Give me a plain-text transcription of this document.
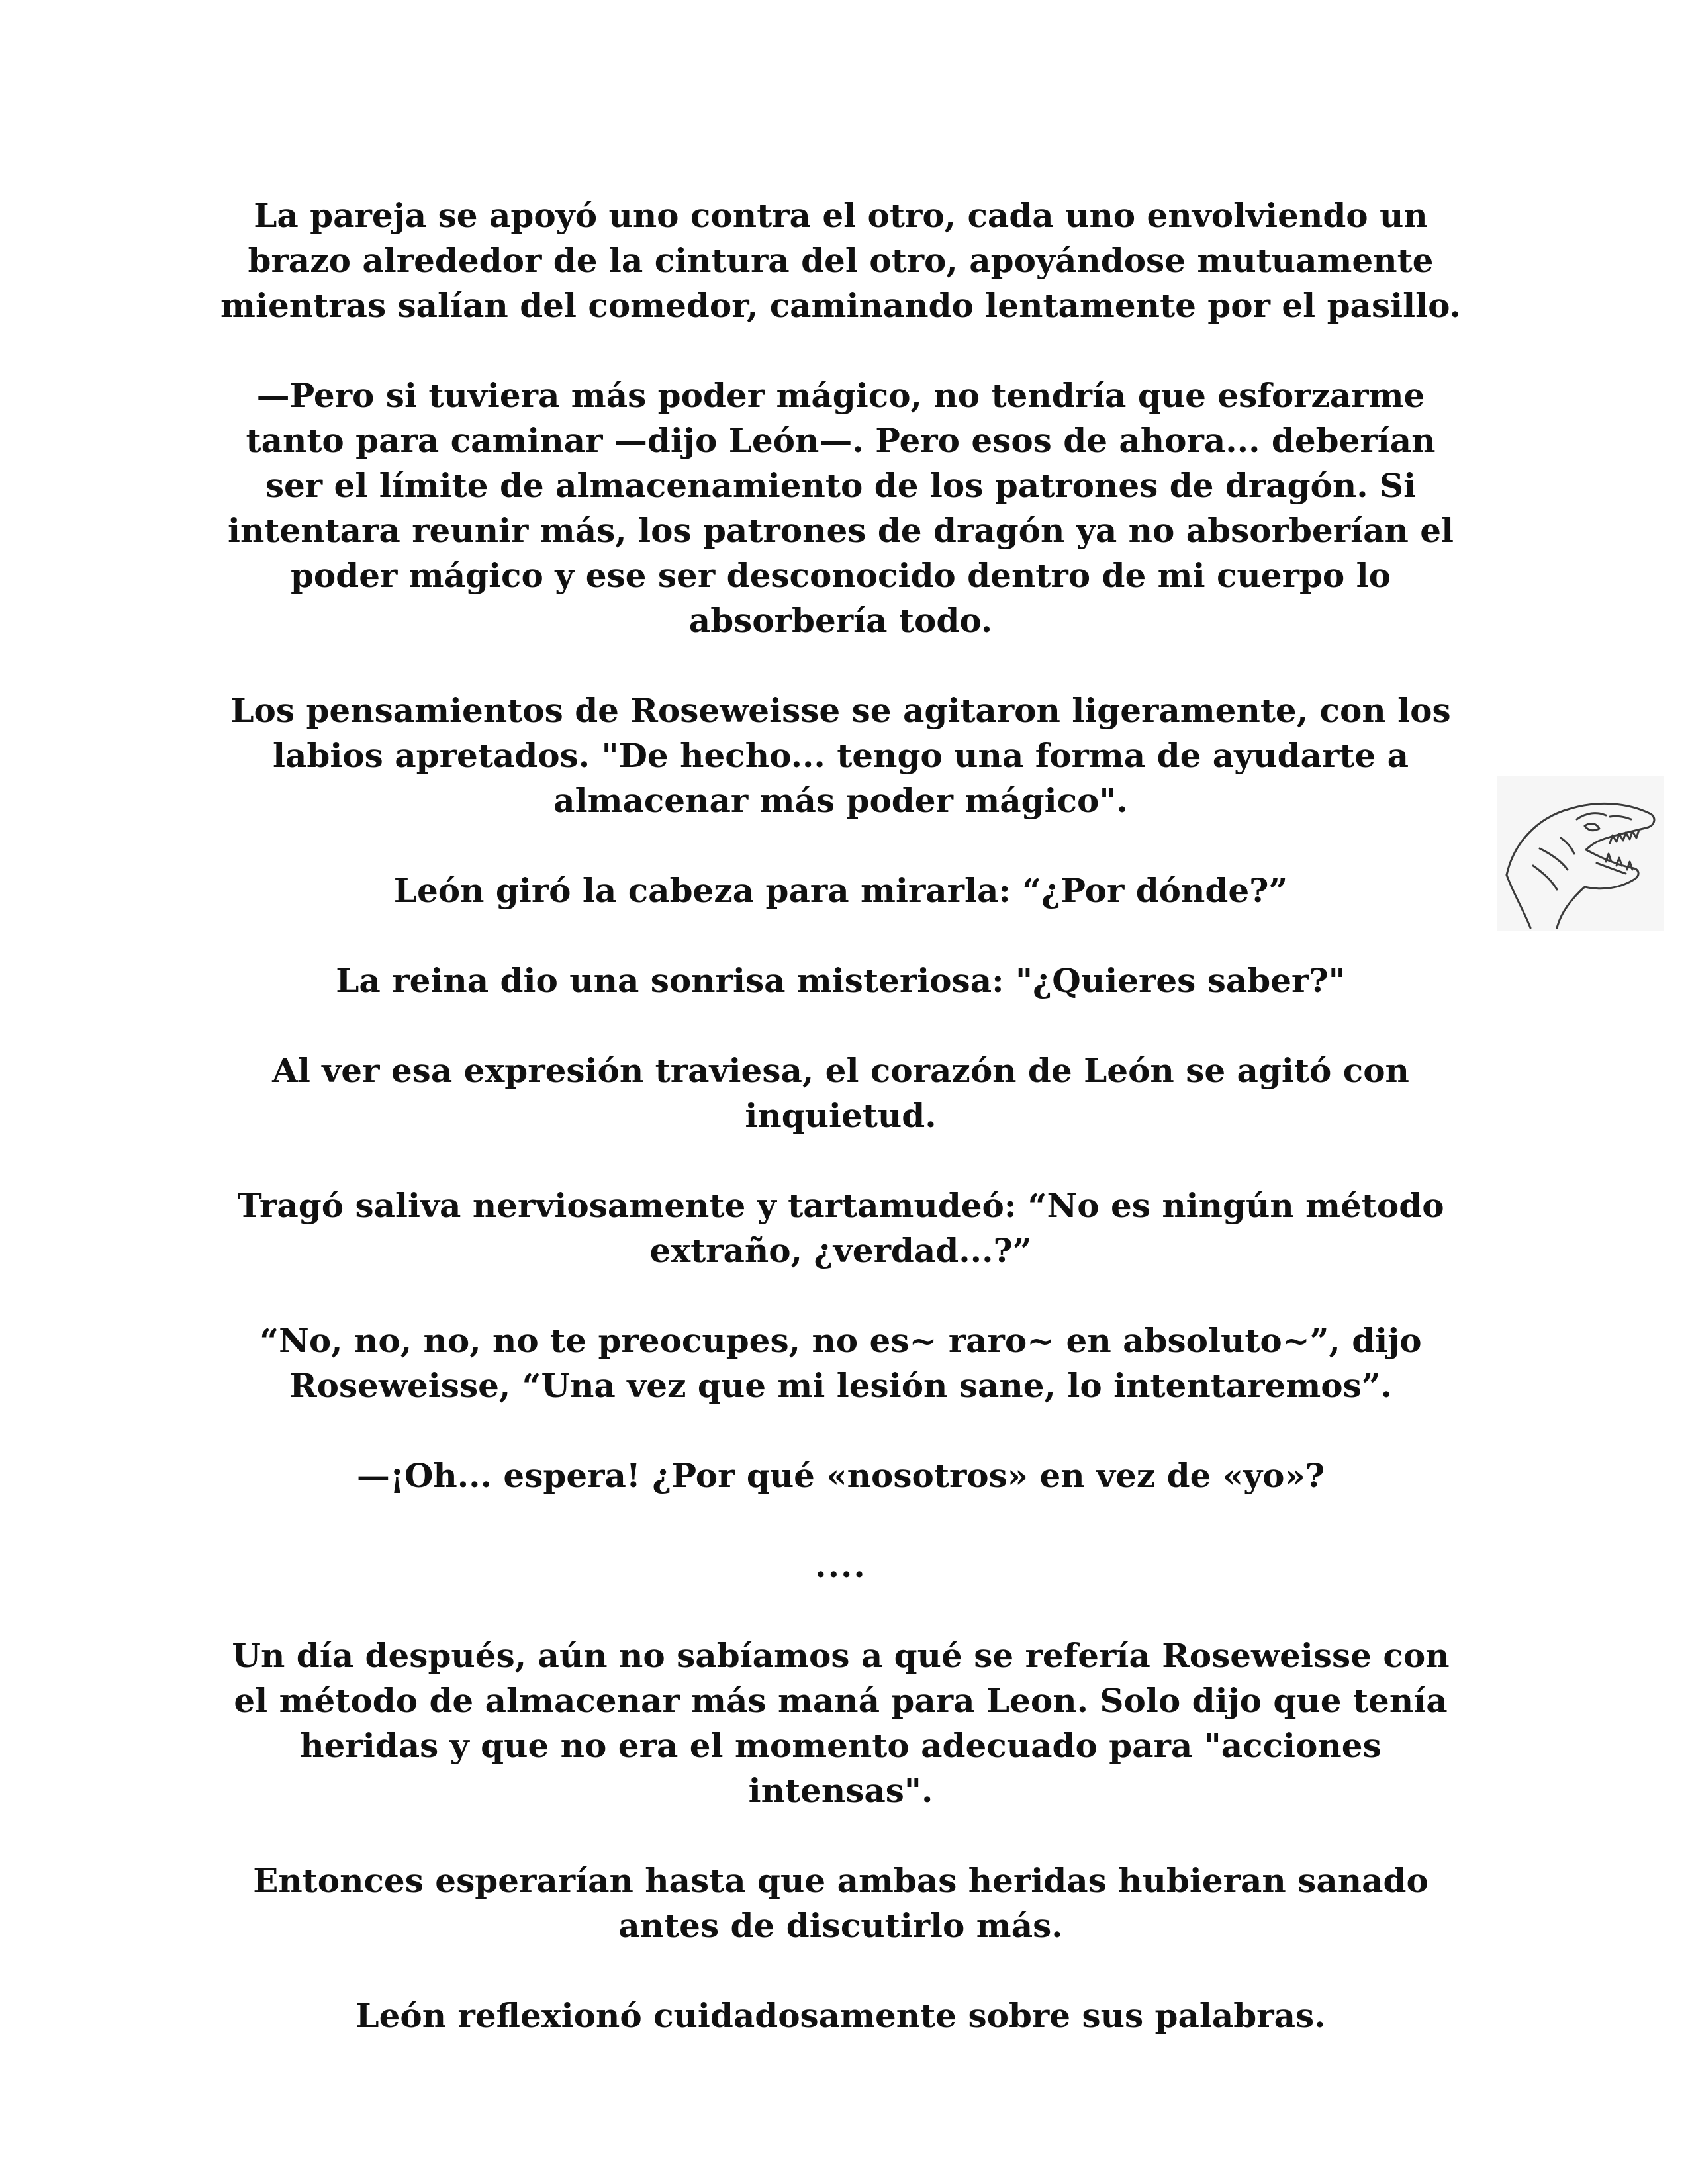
La pareja se apoyó uno contra el otro, cada uno envolviendo un brazo alrededor de la cintura del otro, apoyándose mutuamente mientras salían del comedor, caminando lentamente por el pasillo.

—Pero si tuviera más poder mágico, no tendría que esforzarme tanto para caminar —dijo León—. Pero esos de ahora... deberían ser el límite de almacenamiento de los patrones de dragón. Si intentara reunir más, los patrones de dragón ya no absorberían el poder mágico y ese ser desconocido dentro de mi cuerpo lo absorbería todo.

Los pensamientos de Roseweisse se agitaron ligeramente, con los labios apretados. "De hecho... tengo una forma de ayudarte a almacenar más poder mágico".

León giró la cabeza para mirarla: “¿Por dónde?”

La reina dio una sonrisa misteriosa: "¿Quieres saber?"

Al ver esa expresión traviesa, el corazón de León se agitó con inquietud.

Tragó saliva nerviosamente y tartamudeó: “No es ningún método extraño, ¿verdad...?”

“No, no, no, no te preocupes, no es~ raro~ en absoluto~”, dijo Roseweisse, “Una vez que mi lesión sane, lo intentaremos”.

—¡Oh... espera! ¿Por qué «nosotros» en vez de «yo»?

....

Un día después, aún no sabíamos a qué se refería Roseweisse con el método de almacenar más maná para Leon. Solo dijo que tenía heridas y que no era el momento adecuado para "acciones intensas".

Entonces esperarían hasta que ambas heridas hubieran sanado antes de discutirlo más.

León reflexionó cuidadosamente sobre sus palabras.
